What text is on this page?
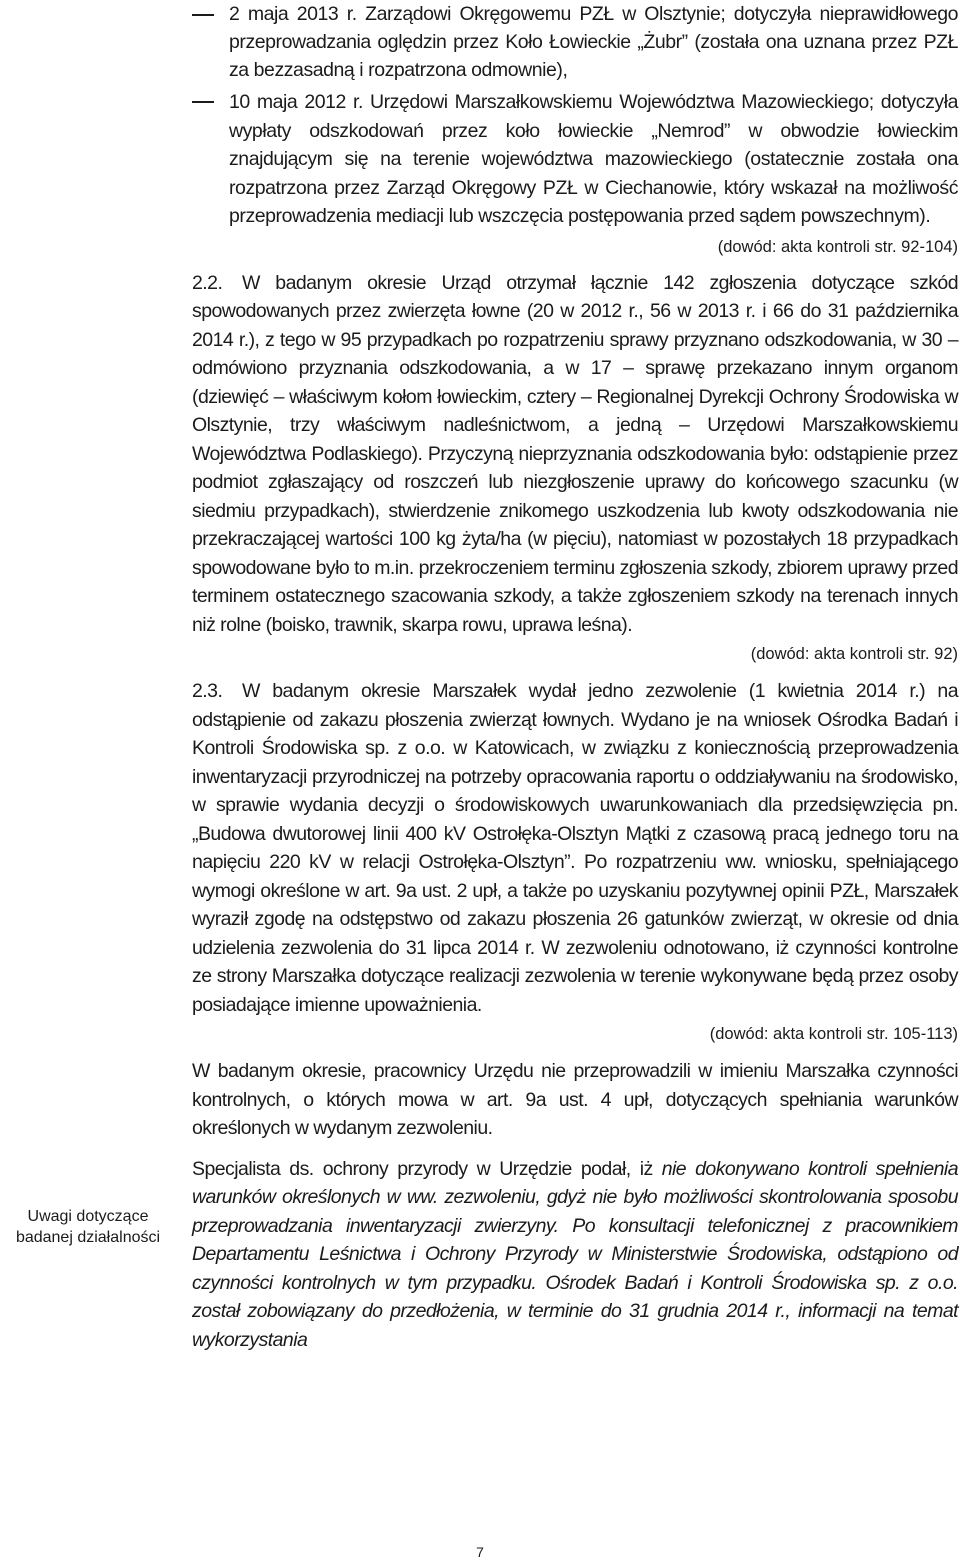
Uwagi dotyczące badanej działalności
2 maja 2013 r. Zarządowi Okręgowemu PZŁ w Olsztynie; dotyczyła nieprawidłowego przeprowadzania oględzin przez Koło Łowieckie „Żubr” (została ona uznana przez PZŁ za bezzasadną i rozpatrzona odmownie),
10 maja 2012 r. Urzędowi Marszałkowskiemu Województwa Mazowieckiego; dotyczyła wypłaty odszkodowań przez koło łowieckie „Nemrod” w obwodzie łowieckim znajdującym się na terenie województwa mazowieckiego (ostatecznie została ona rozpatrzona przez Zarząd Okręgowy PZŁ w Ciechanowie, który wskazał na możliwość przeprowadzenia mediacji lub wszczęcia postępowania przed sądem powszechnym).
(dowód: akta kontroli str. 92-104)
2.2. W badanym okresie Urząd otrzymał łącznie 142 zgłoszenia dotyczące szkód spowodowanych przez zwierzęta łowne (20 w 2012 r., 56 w 2013 r. i 66 do 31 października 2014 r.), z tego w 95 przypadkach po rozpatrzeniu sprawy przyznano odszkodowania, w 30 – odmówiono przyznania odszkodowania, a w 17 – sprawę przekazano innym organom (dziewięć – właściwym kołom łowieckim, cztery – Regionalnej Dyrekcji Ochrony Środowiska w Olsztynie, trzy właściwym nadleśnictwom, a jedną – Urzędowi Marszałkowskiemu Województwa Podlaskiego). Przyczyną nieprzyznania odszkodowania było: odstąpienie przez podmiot zgłaszający od roszczeń lub niezgłoszenie uprawy do końcowego szacunku (w siedmiu przypadkach), stwierdzenie znikomego uszkodzenia lub kwoty odszkodowania nie przekraczającej wartości 100 kg żyta/ha (w pięciu), natomiast w pozostałych 18 przypadkach spowodowane było to m.in. przekroczeniem terminu zgłoszenia szkody, zbiorem uprawy przed terminem ostatecznego szacowania szkody, a także zgłoszeniem szkody na terenach innych niż rolne (boisko, trawnik, skarpa rowu, uprawa leśna).
(dowód: akta kontroli str. 92)
2.3. W badanym okresie Marszałek wydał jedno zezwolenie (1 kwietnia 2014 r.) na odstąpienie od zakazu płoszenia zwierząt łownych. Wydano je na wniosek Ośrodka Badań i Kontroli Środowiska sp. z o.o. w Katowicach, w związku z koniecznością przeprowadzenia inwentaryzacji przyrodniczej na potrzeby opracowania raportu o oddziaływaniu na środowisko, w sprawie wydania decyzji o środowiskowych uwarunkowaniach dla przedsięwzięcia pn. „Budowa dwutorowej linii 400 kV Ostrołęka-Olsztyn Mątki z czasową pracą jednego toru na napięciu 220 kV w relacji Ostrołęka-Olsztyn”. Po rozpatrzeniu ww. wniosku, spełniającego wymogi określone w art. 9a ust. 2 upł, a także po uzyskaniu pozytywnej opinii PZŁ, Marszałek wyraził zgodę na odstępstwo od zakazu płoszenia 26 gatunków zwierząt, w okresie od dnia udzielenia zezwolenia do 31 lipca 2014 r. W zezwoleniu odnotowano, iż czynności kontrolne ze strony Marszałka dotyczące realizacji zezwolenia w terenie wykonywane będą przez osoby posiadające imienne upoważnienia.
(dowód: akta kontroli str. 105-113)
W badanym okresie, pracownicy Urzędu nie przeprowadzili w imieniu Marszałka czynności kontrolnych, o których mowa w art. 9a ust. 4 upł, dotyczących spełniania warunków określonych w wydanym zezwoleniu.
Specjalista ds. ochrony przyrody w Urzędzie podał, iż nie dokonywano kontroli spełnienia warunków określonych w ww. zezwoleniu, gdyż nie było możliwości skontrolowania sposobu przeprowadzania inwentaryzacji zwierzyny. Po konsultacji telefonicznej z pracownikiem Departamentu Leśnictwa i Ochrony Przyrody w Ministerstwie Środowiska, odstąpiono od czynności kontrolnych w tym przypadku. Ośrodek Badań i Kontroli Środowiska sp. z o.o. został zobowiązany do przedłożenia, w terminie do 31 grudnia 2014 r., informacji na temat wykorzystania
7
